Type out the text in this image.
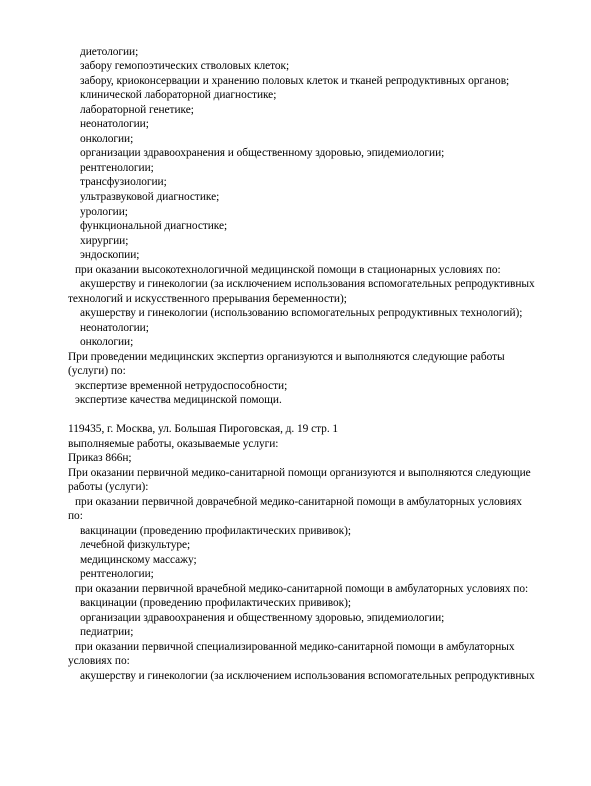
диетологии;
забору гемопоэтических стволовых клеток;
забору, криоконсервации и хранению половых клеток и тканей репродуктивных органов;
клинической лабораторной диагностике;
лабораторной генетике;
неонатологии;
онкологии;
организации здравоохранения и общественному здоровью, эпидемиологии;
рентгенологии;
трансфузиологии;
ультразвуковой диагностике;
урологии;
функциональной диагностике;
хирургии;
эндоскопии;
при оказании высокотехнологичной медицинской помощи в стационарных условиях по:
акушерству и гинекологии (за исключением использования вспомогательных репродуктивных
технологий и искусственного прерывания беременности);
акушерству и гинекологии (использованию вспомогательных репродуктивных технологий);
неонатологии;
онкологии;
При проведении медицинских экспертиз организуются и выполняются следующие работы
(услуги) по:
экспертизе временной нетрудоспособности;
экспертизе качества медицинской помощи.
119435, г. Москва, ул. Большая Пироговская, д. 19 стр. 1
выполняемые работы, оказываемые услуги:
Приказ 866н;
При оказании первичной медико-санитарной помощи организуются и выполняются следующие
работы (услуги):
при оказании первичной доврачебной медико-санитарной помощи в амбулаторных условиях
по:
вакцинации (проведению профилактических прививок);
лечебной физкультуре;
медицинскому массажу;
рентгенологии;
при оказании первичной врачебной медико-санитарной помощи в амбулаторных условиях по:
вакцинации (проведению профилактических прививок);
организации здравоохранения и общественному здоровью, эпидемиологии;
педиатрии;
при оказании первичной специализированной медико-санитарной помощи в амбулаторных
условиях по:
акушерству и гинекологии (за исключением использования вспомогательных репродуктивных
